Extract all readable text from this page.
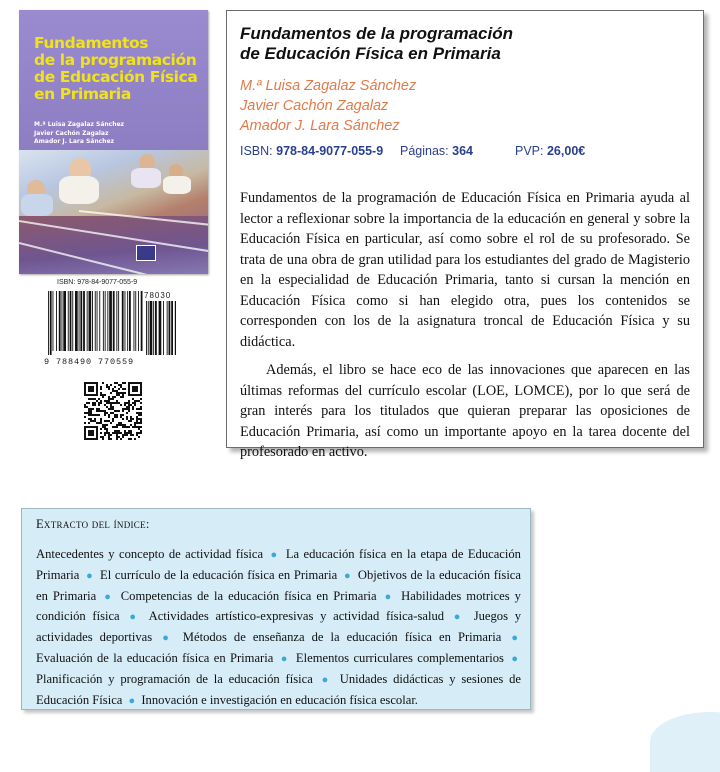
Fundamentos
de la programación
de Educación Física
en Primaria
M.ª Luisa Zagalaz Sánchez
Javier Cachón Zagalaz
Amador J. Lara Sánchez
ISBN: 978-84-9077-055-9
78030
9 788490 770559
Fundamentos de la programación
de Educación Física en Primaria
M.ª Luisa Zagalaz Sánchez
Javier Cachón Zagalaz
Amador J. Lara Sánchez
ISBN: 978-84-9077-055-9 Páginas: 364	PVP: 26,00€

Fundamentos de la programación de Educación Física en Primaria ayuda al lector a reflexionar sobre la importancia de la educación en general y sobre la Educación Física en particular, así como sobre el rol de su profesorado. Se trata de una obra de gran utilidad para los estudiantes del grado de Magisterio en la especialidad de Educación Primaria, tanto si cursan la mención en Educación Física como si han elegido otra, pues los contenidos se corresponden con los de la asignatura troncal de Educación Física y su didáctica.

Además, el libro se hace eco de las innovaciones que aparecen en las últimas reformas del currículo escolar (LOE, LOMCE), por lo que será de gran interés para los titulados que quieran preparar las oposiciones de Educación Primaria, así como un importante apoyo en la tarea docente del profesorado en activo.

Extracto del índice:
Antecedentes y concepto de actividad física ● La educación física en la etapa de Educación Primaria ● El currículo de la educación física en Primaria ● Objetivos de la educación física en Primaria ● Competencias de la educación física en Primaria ● Habilidades motrices y condición física ● Actividades artístico-expresivas y actividad física-salud ● Juegos y actividades deportivas ● Métodos de enseñanza de la educación física en Primaria ● Evaluación de la educación física en Primaria ● Elementos curriculares complementarios ● Planificación y programación de la educación física ● Unidades didácticas y sesiones de Educación Física ● Innovación e investigación en educación física escolar.
